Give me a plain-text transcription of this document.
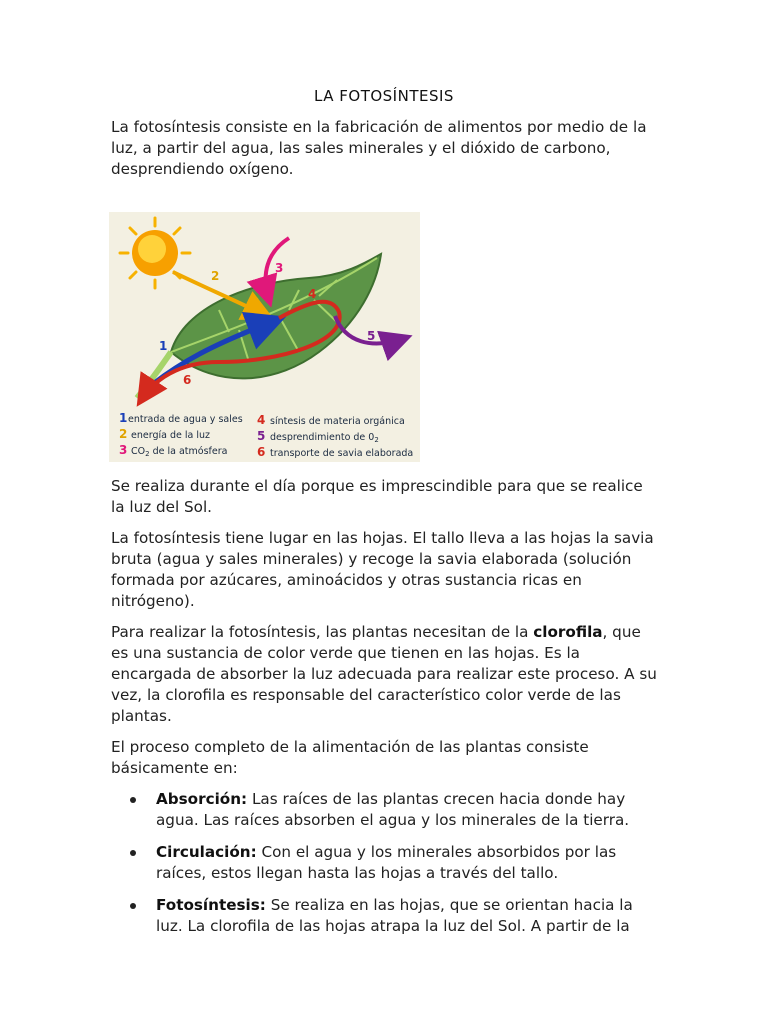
LA FOTOSÍNTESIS

La fotosíntesis consiste en la fabricación de alimentos por medio de la luz, a partir del agua, las sales minerales y el dióxido de carbono, desprendiendo oxígeno.

1
2
3
4
5
6
1 entrada de agua y sales
2 energía de la luz
3 $CO_2$ de la atmósfera
4 síntesis de materia orgánica
5 desprendimiento de $0_2$
6 transporte de savia elaborada

Se realiza durante el día porque es imprescindible para que se realice la luz del Sol.

La fotosíntesis tiene lugar en las hojas. El tallo lleva a las hojas la savia bruta (agua y sales minerales) y recoge la savia elaborada (solución formada por azúcares, aminoácidos y otras sustancia ricas en nitrógeno).

Para realizar la fotosíntesis, las plantas necesitan de la clorofila, que es una sustancia de color verde que tienen en las hojas. Es la encargada de absorber la luz adecuada para realizar este proceso. A su vez, la clorofila es responsable del característico color verde de las plantas.

El proceso completo de la alimentación de las plantas consiste básicamente en:

Absorción: Las raíces de las plantas crecen hacia donde hay agua. Las raíces absorben el agua y los minerales de la tierra.
Circulación: Con el agua y los minerales absorbidos por las raíces, estos llegan hasta las hojas a través del tallo.
Fotosíntesis: Se realiza en las hojas, que se orientan hacia la luz. La clorofila de las hojas atrapa la luz del Sol. A partir de la
